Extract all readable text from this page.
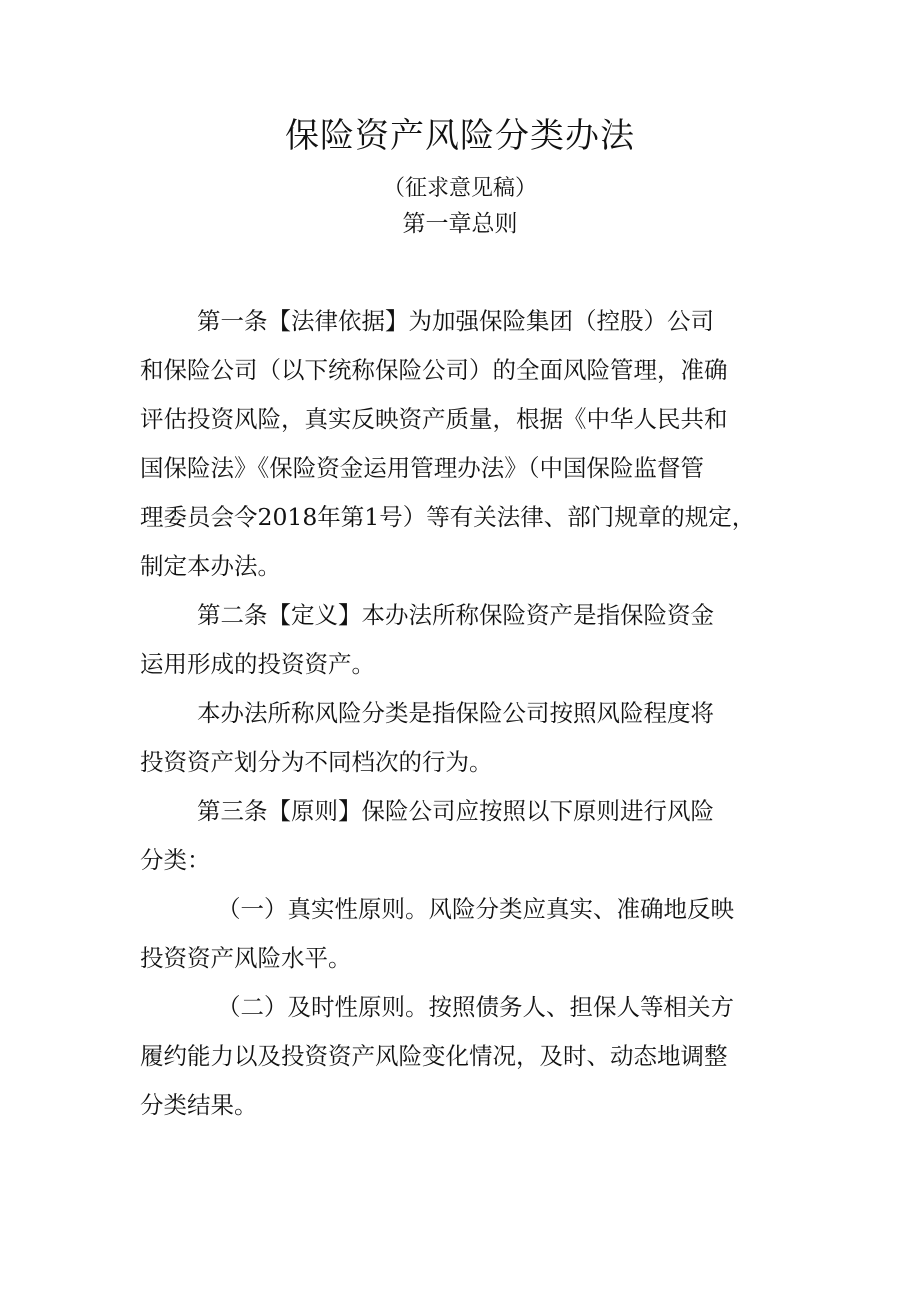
保险资产风险分类办法
（征求意见稿）
第一章总则
第一条【法律依据】为加强保险集团（控股）公司
和保险公司（以下统称保险公司）的全面风险管理，准确
评估投资风险，真实反映资产质量，根据《中华人民共和
国保险法》《保险资金运用管理办法》（中国保险监督管
理委员会令2018年第1号）等有关法律、部门规章的规定，
制定本办法。
第二条【定义】本办法所称保险资产是指保险资金
运用形成的投资资产。
本办法所称风险分类是指保险公司按照风险程度将
投资资产划分为不同档次的行为。
第三条【原则】保险公司应按照以下原则进行风险
分类：
（一）真实性原则。风险分类应真实、准确地反映
投资资产风险水平。
（二）及时性原则。按照债务人、担保人等相关方
履约能力以及投资资产风险变化情况，及时、动态地调整
分类结果。
